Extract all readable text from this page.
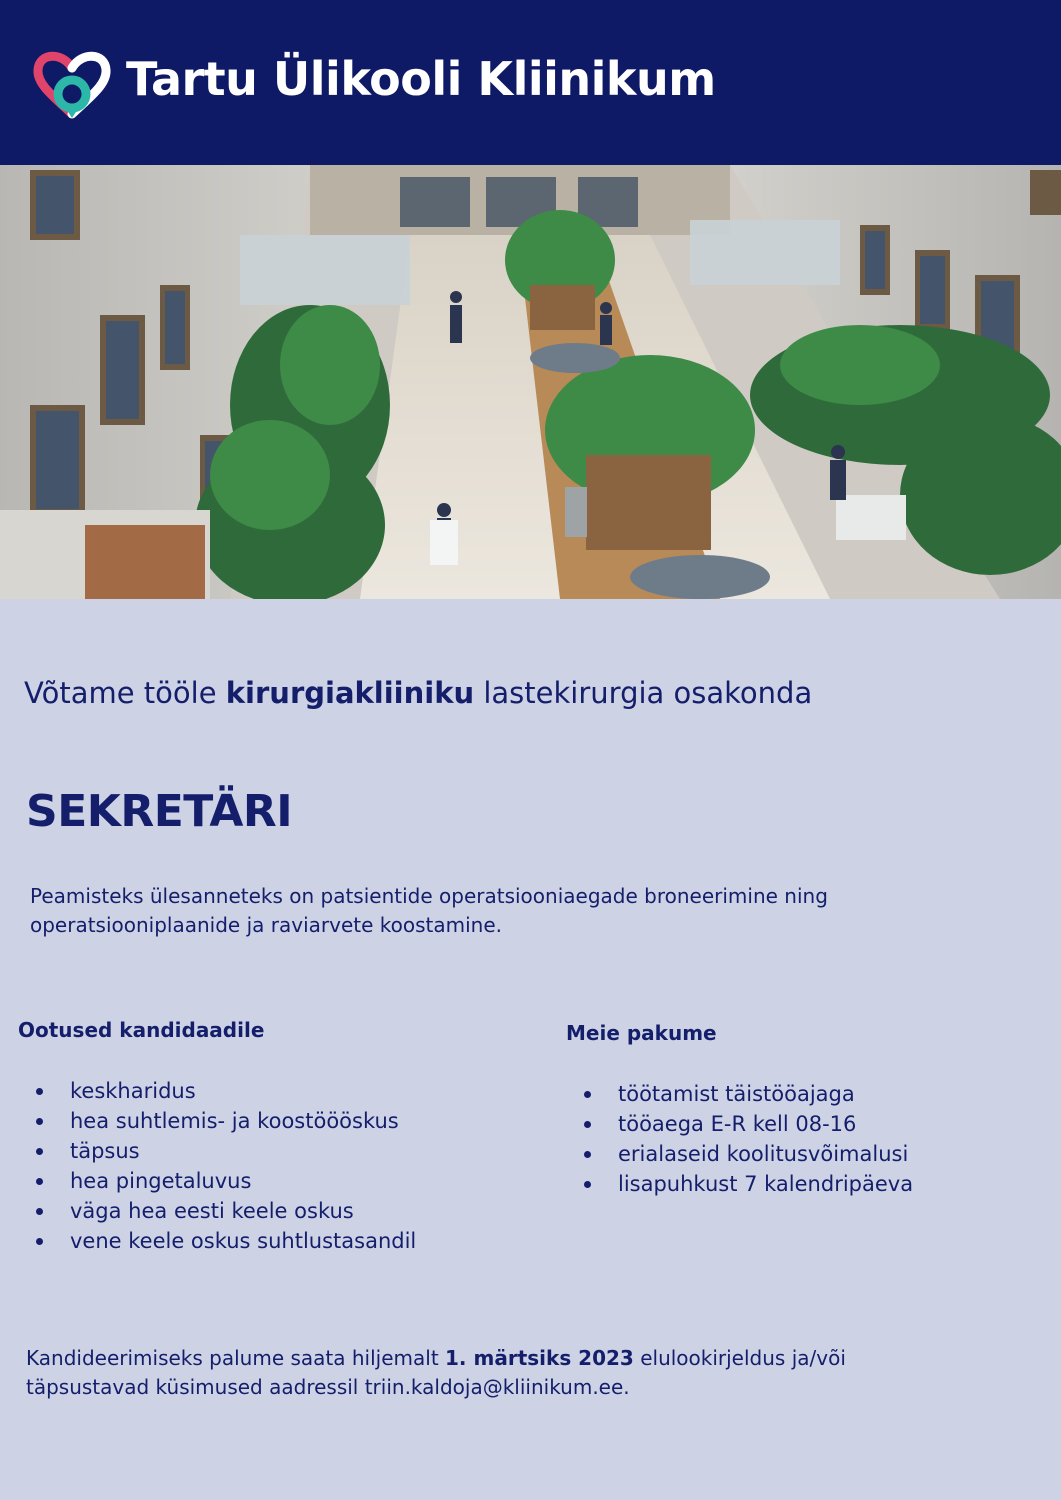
Tartu Ülikooli Kliinikum
Võtame tööle kirurgiakliiniku lastekirurgia osakonda
SEKRETÄRI
Peamisteks ülesanneteks on patsientide operatsiooniaegade broneerimine ning operatsiooniplaanide ja raviarvete koostamine.
Ootused kandidaadile
keskharidus
hea suhtlemis- ja koostöööskus
täpsus
hea pingetaluvus
väga hea eesti keele oskus
vene keele oskus suhtlustasandil
Meie pakume
töötamist täistööajaga
tööaega E-R kell 08-16
erialaseid koolitusvõimalusi
lisapuhkust 7 kalendripäeva
Kandideerimiseks palume saata hiljemalt 1. märtsiks 2023 elulookirjeldus ja/või täpsustavad küsimused aadressil triin.kaldoja@kliinikum.ee.
